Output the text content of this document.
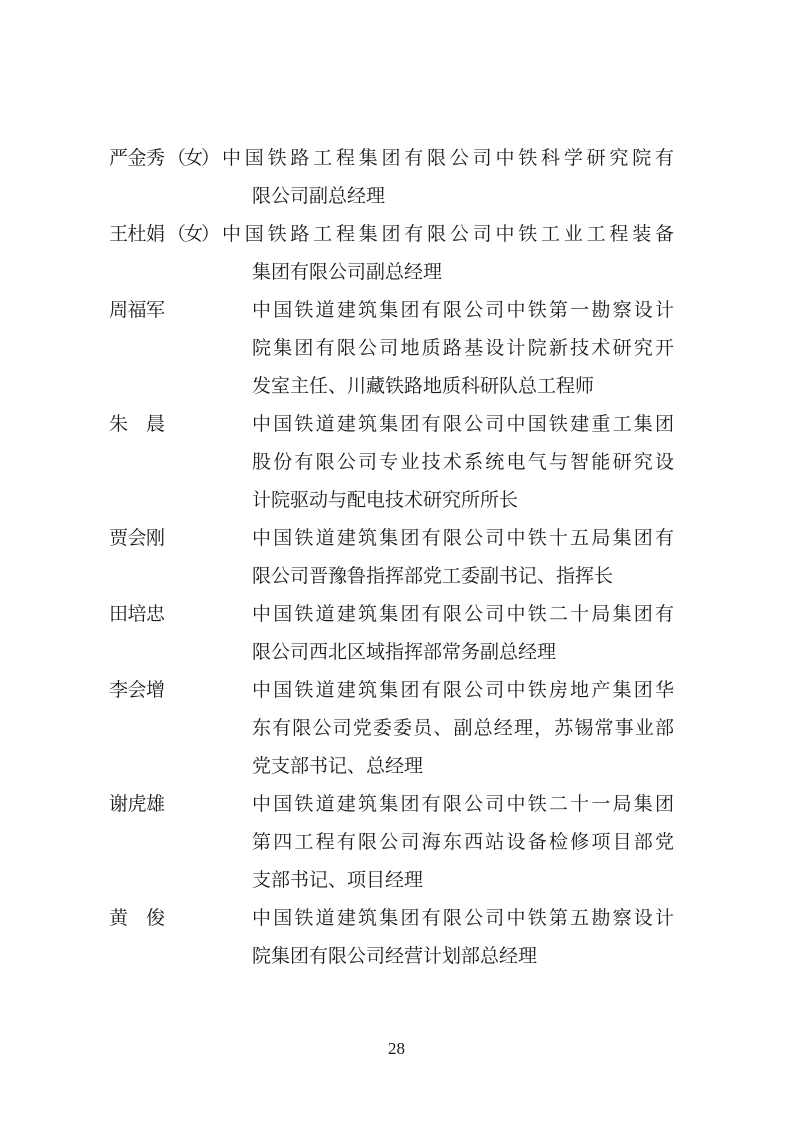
严金秀 （女） 中国铁路工程集团有限公司中铁科学研究院有
限公司副总经理
王杜娟 （女） 中国铁路工程集团有限公司中铁工业工程装备
集团有限公司副总经理
周福军	中国铁道建筑集团有限公司中铁第一勘察设计
院集团有限公司地质路基设计院新技术研究开
发室主任、川藏铁路地质科研队总工程师
朱　晨	中国铁道建筑集团有限公司中国铁建重工集团
股份有限公司专业技术系统电气与智能研究设
计院驱动与配电技术研究所所长
贾会刚	中国铁道建筑集团有限公司中铁十五局集团有
限公司晋豫鲁指挥部党工委副书记、指挥长
田培忠	中国铁道建筑集团有限公司中铁二十局集团有
限公司西北区域指挥部常务副总经理
李会增	中国铁道建筑集团有限公司中铁房地产集团华
东有限公司党委委员、副总经理，苏锡常事业部
党支部书记、总经理
谢虎雄	中国铁道建筑集团有限公司中铁二十一局集团
第四工程有限公司海东西站设备检修项目部党
支部书记、项目经理
黄　俊	中国铁道建筑集团有限公司中铁第五勘察设计
院集团有限公司经营计划部总经理
28
